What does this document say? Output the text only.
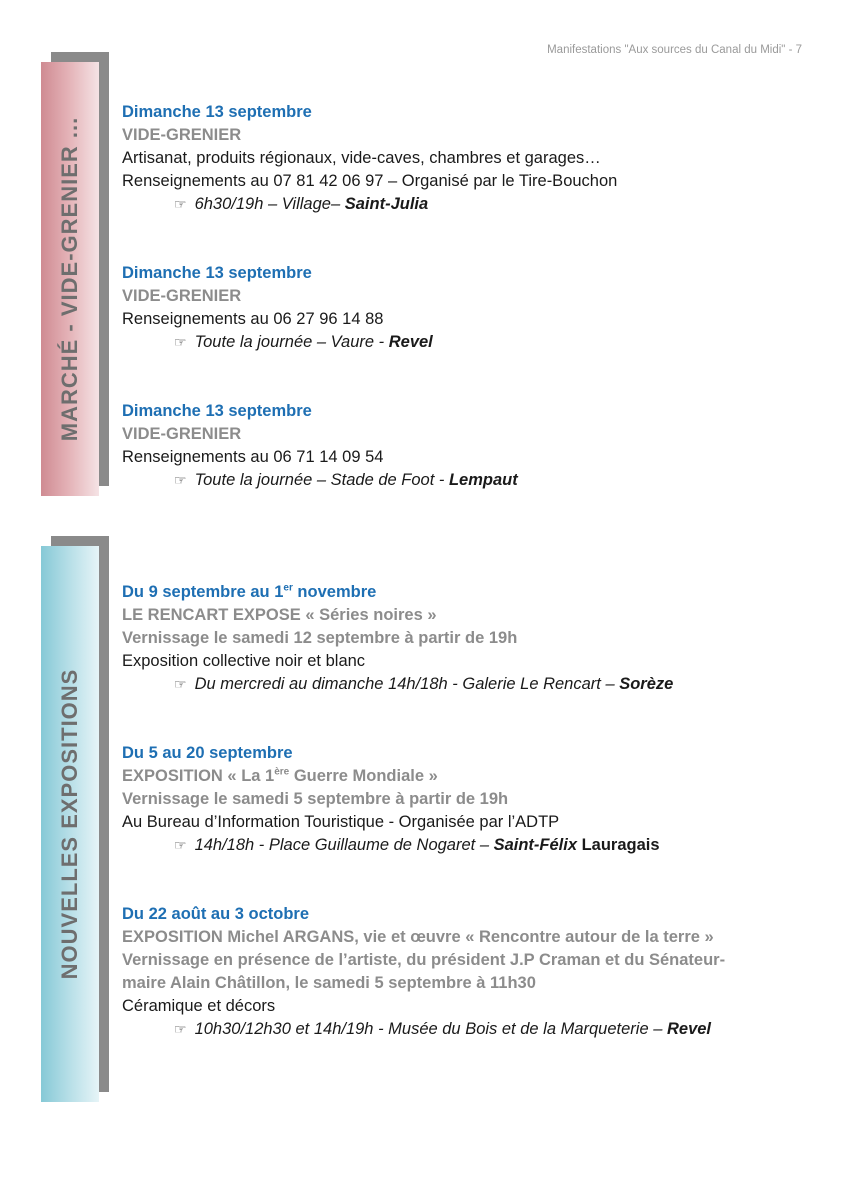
Manifestations "Aux sources du Canal du Midi" - 7
MARCHÉ - VIDE-GRENIER ...
NOUVELLES EXPOSITIONS
Dimanche 13 septembre
VIDE-GRENIER
Artisanat, produits régionaux, vide-caves, chambres et garages…
Renseignements au 07 81 42 06 97 – Organisé par le Tire-Bouchon
☞ 6h30/19h – Village– Saint-Julia
Dimanche 13 septembre
VIDE-GRENIER
Renseignements au 06 27 96 14 88
☞ Toute la journée – Vaure - Revel
Dimanche 13 septembre
VIDE-GRENIER
Renseignements au 06 71 14 09 54
☞ Toute la journée – Stade de Foot - Lempaut
Du 9 septembre au 1er novembre
LE RENCART EXPOSE « Séries noires »
Vernissage le samedi 12 septembre à partir de 19h
Exposition collective noir et blanc
☞ Du mercredi au dimanche 14h/18h - Galerie Le Rencart – Sorèze
Du 5 au 20 septembre
EXPOSITION « La 1ère Guerre Mondiale »
Vernissage le samedi 5 septembre à partir de 19h
Au Bureau d’Information Touristique - Organisée par l’ADTP
☞ 14h/18h - Place Guillaume de Nogaret – Saint-Félix Lauragais
Du 22 août au 3 octobre
EXPOSITION Michel ARGANS, vie et œuvre « Rencontre autour de la terre »
Vernissage en présence de l’artiste, du président J.P Craman et du Sénateur-
maire Alain Châtillon, le samedi 5 septembre à 11h30
Céramique et décors
☞ 10h30/12h30 et 14h/19h - Musée du Bois et de la Marqueterie – Revel
